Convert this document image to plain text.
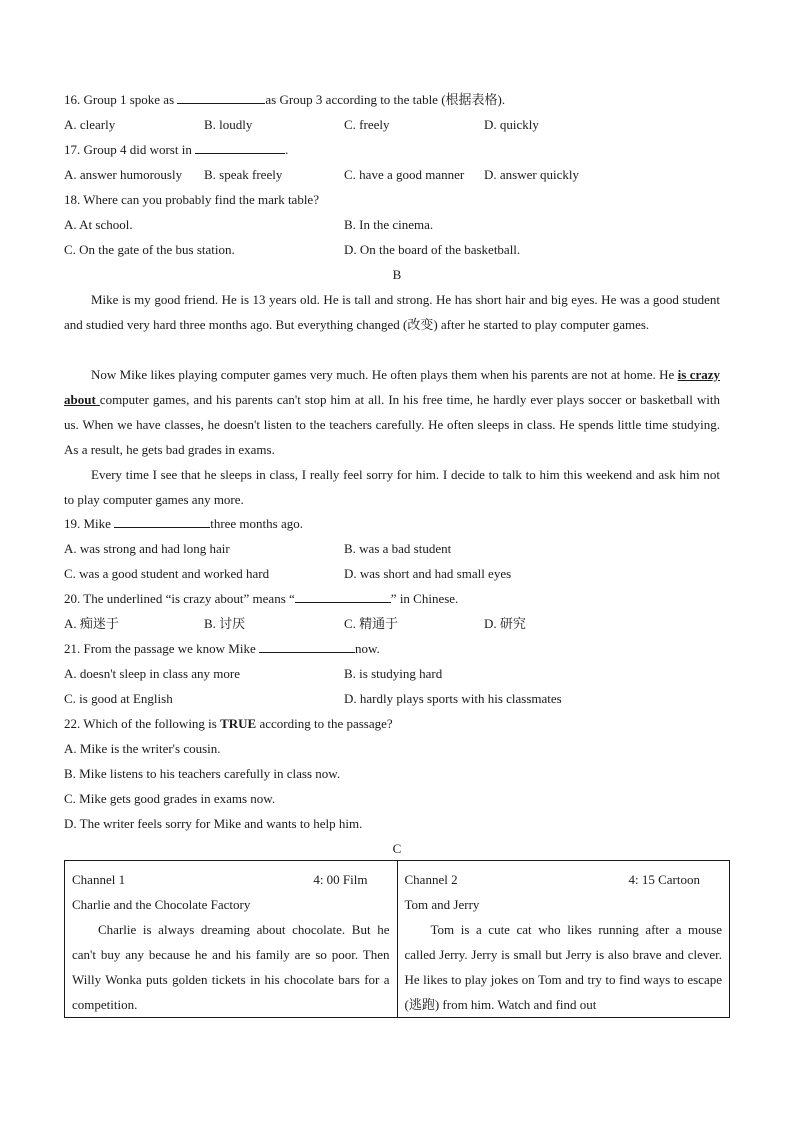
16. Group 1 spoke as	as Group 3 according to the table (根据表格).
A. clearly	B. loudly	C. freely	D. quickly
17. Group 4 did worst in	.
A. answer humorously B. speak freely	C. have a good manner D. answer quickly
18. Where can you probably find the mark table?
A. At school.	B. In the cinema.
C. On the gate of the bus station.	D. On the board of the basketball.
B
Mike is my good friend. He is 13 years old. He is tall and strong. He has short hair and big eyes. He was a good student and studied very hard three months ago. But everything changed (改变) after he started to play computer games.
Now Mike likes playing computer games very much. He often plays them when his parents are not at home. He is crazy about computer games, and his parents can't stop him at all. In his free time, he hardly ever plays soccer or basketball with us. When we have classes, he doesn't listen to the teachers carefully. He often sleeps in class. He spends little time studying. As a result, he gets bad grades in exams.
Every time I see that he sleeps in class, I really feel sorry for him. I decide to talk to him this weekend and ask him not to play computer games any more.
19. Mike	three months ago.
A. was strong and had long hair	B. was a bad student
C. was a good student and worked hard	D. was short and had small eyes
20. The underlined “is crazy about” means “	” in Chinese.
A. 痴迷于	B. 讨厌	C. 精通于	D. 研究
21. From the passage we know Mike	now.
A. doesn't sleep in class any more	B. is studying hard
C. is good at English	D. hardly plays sports with his classmates
22. Which of the following is TRUE according to the passage?
A. Mike is the writer's cousin.
B. Mike listens to his teachers carefully in class now.
C. Mike gets good grades in exams now.
D. The writer feels sorry for Mike and wants to help him.
C
Channel 1	4: 00 Film
Charlie and the Chocolate Factory
Charlie is always dreaming about chocolate. But he can't buy any because he and his family are so poor. Then Willy Wonka puts golden tickets in his chocolate bars for a competition.

Channel 2	4: 15 Cartoon
Tom and Jerry
Tom is a cute cat who likes running after a mouse called Jerry. Jerry is small but Jerry is also brave and clever. He likes to play jokes on Tom and try to find ways to escape (逃跑) from him. Watch and find out
